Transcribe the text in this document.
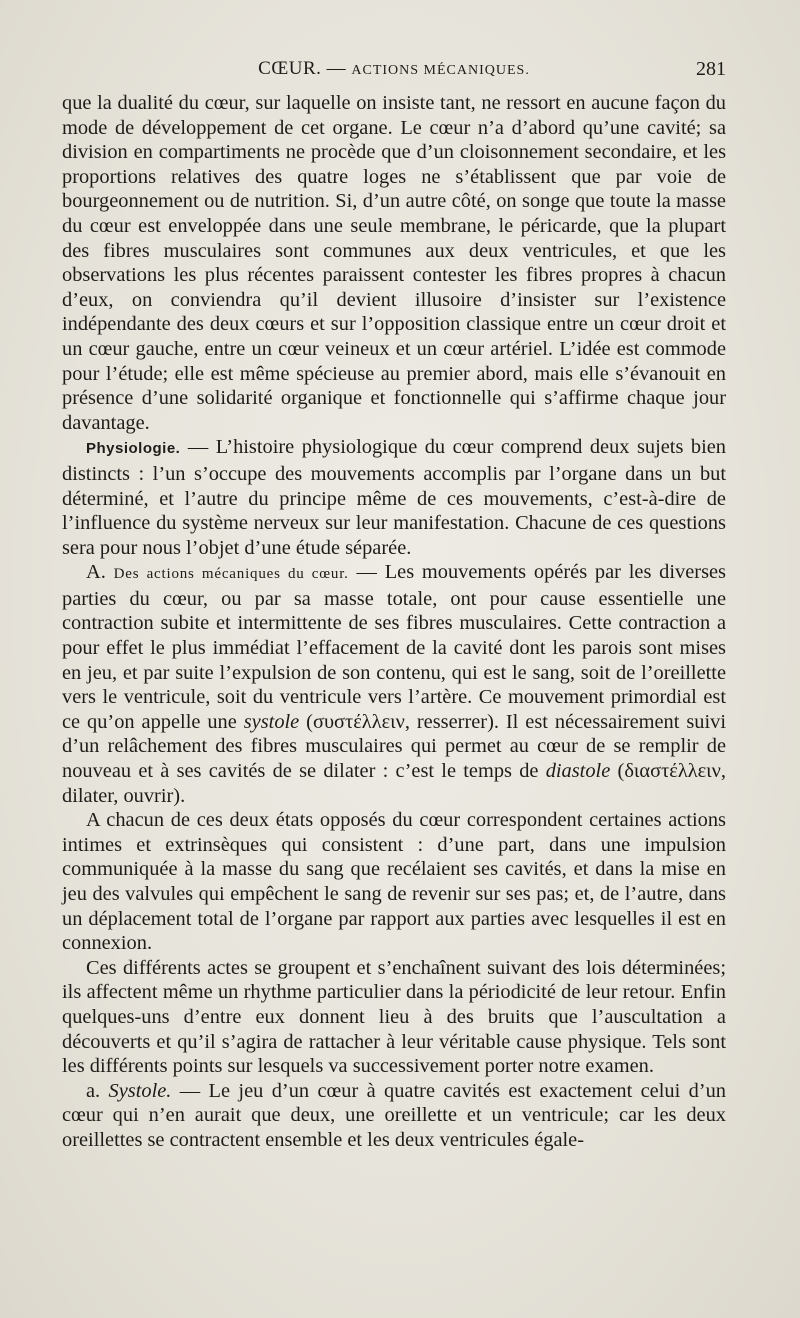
CŒUR. — ACTIONS MÉCANIQUES.	281

que la dualité du cœur, sur laquelle on insiste tant, ne ressort en aucune façon du mode de développement de cet organe. Le cœur n’a d’abord qu’une cavité; sa division en compartiments ne procède que d’un cloisonnement secondaire, et les proportions relatives des quatre loges ne s’établissent que par voie de bourgeonnement ou de nutrition. Si, d’un autre côté, on songe que toute la masse du cœur est enveloppée dans une seule membrane, le péricarde, que la plupart des fibres musculaires sont communes aux deux ventricules, et que les observations les plus récentes paraissent contester les fibres propres à chacun d’eux, on conviendra qu’il devient illusoire d’insister sur l’existence indépendante des deux cœurs et sur l’opposition classique entre un cœur droit et un cœur gauche, entre un cœur veineux et un cœur artériel. L’idée est commode pour l’étude; elle est même spécieuse au premier abord, mais elle s’évanouit en présence d’une solidarité organique et fonctionnelle qui s’affirme chaque jour davantage.

Physiologie. — L’histoire physiologique du cœur comprend deux sujets bien distincts : l’un s’occupe des mouvements accomplis par l’organe dans un but déterminé, et l’autre du principe même de ces mouvements, c’est-à-dire de l’influence du système nerveux sur leur manifestation. Chacune de ces questions sera pour nous l’objet d’une étude séparée.

A. Des actions mécaniques du cœur. — Les mouvements opérés par les diverses parties du cœur, ou par sa masse totale, ont pour cause essentielle une contraction subite et intermittente de ses fibres musculaires. Cette contraction a pour effet le plus immédiat l’effacement de la cavité dont les parois sont mises en jeu, et par suite l’expulsion de son contenu, qui est le sang, soit de l’oreillette vers le ventricule, soit du ventricule vers l’artère. Ce mouvement primordial est ce qu’on appelle une systole (συστέλλειν, resserrer). Il est nécessairement suivi d’un relâchement des fibres musculaires qui permet au cœur de se remplir de nouveau et à ses cavités de se dilater : c’est le temps de diastole (διαστέλλειν, dilater, ouvrir).

A chacun de ces deux états opposés du cœur correspondent certaines actions intimes et extrinsèques qui consistent : d’une part, dans une impulsion communiquée à la masse du sang que recélaient ses cavités, et dans la mise en jeu des valvules qui empêchent le sang de revenir sur ses pas; et, de l’autre, dans un déplacement total de l’organe par rapport aux parties avec lesquelles il est en connexion.

Ces différents actes se groupent et s’enchaînent suivant des lois déterminées; ils affectent même un rhythme particulier dans la périodicité de leur retour. Enfin quelques-uns d’entre eux donnent lieu à des bruits que l’auscultation a découverts et qu’il s’agira de rattacher à leur véritable cause physique. Tels sont les différents points sur lesquels va successivement porter notre examen.

a. Systole. — Le jeu d’un cœur à quatre cavités est exactement celui d’un cœur qui n’en aurait que deux, une oreillette et un ventricule; car les deux oreillettes se contractent ensemble et les deux ventricules égale-
